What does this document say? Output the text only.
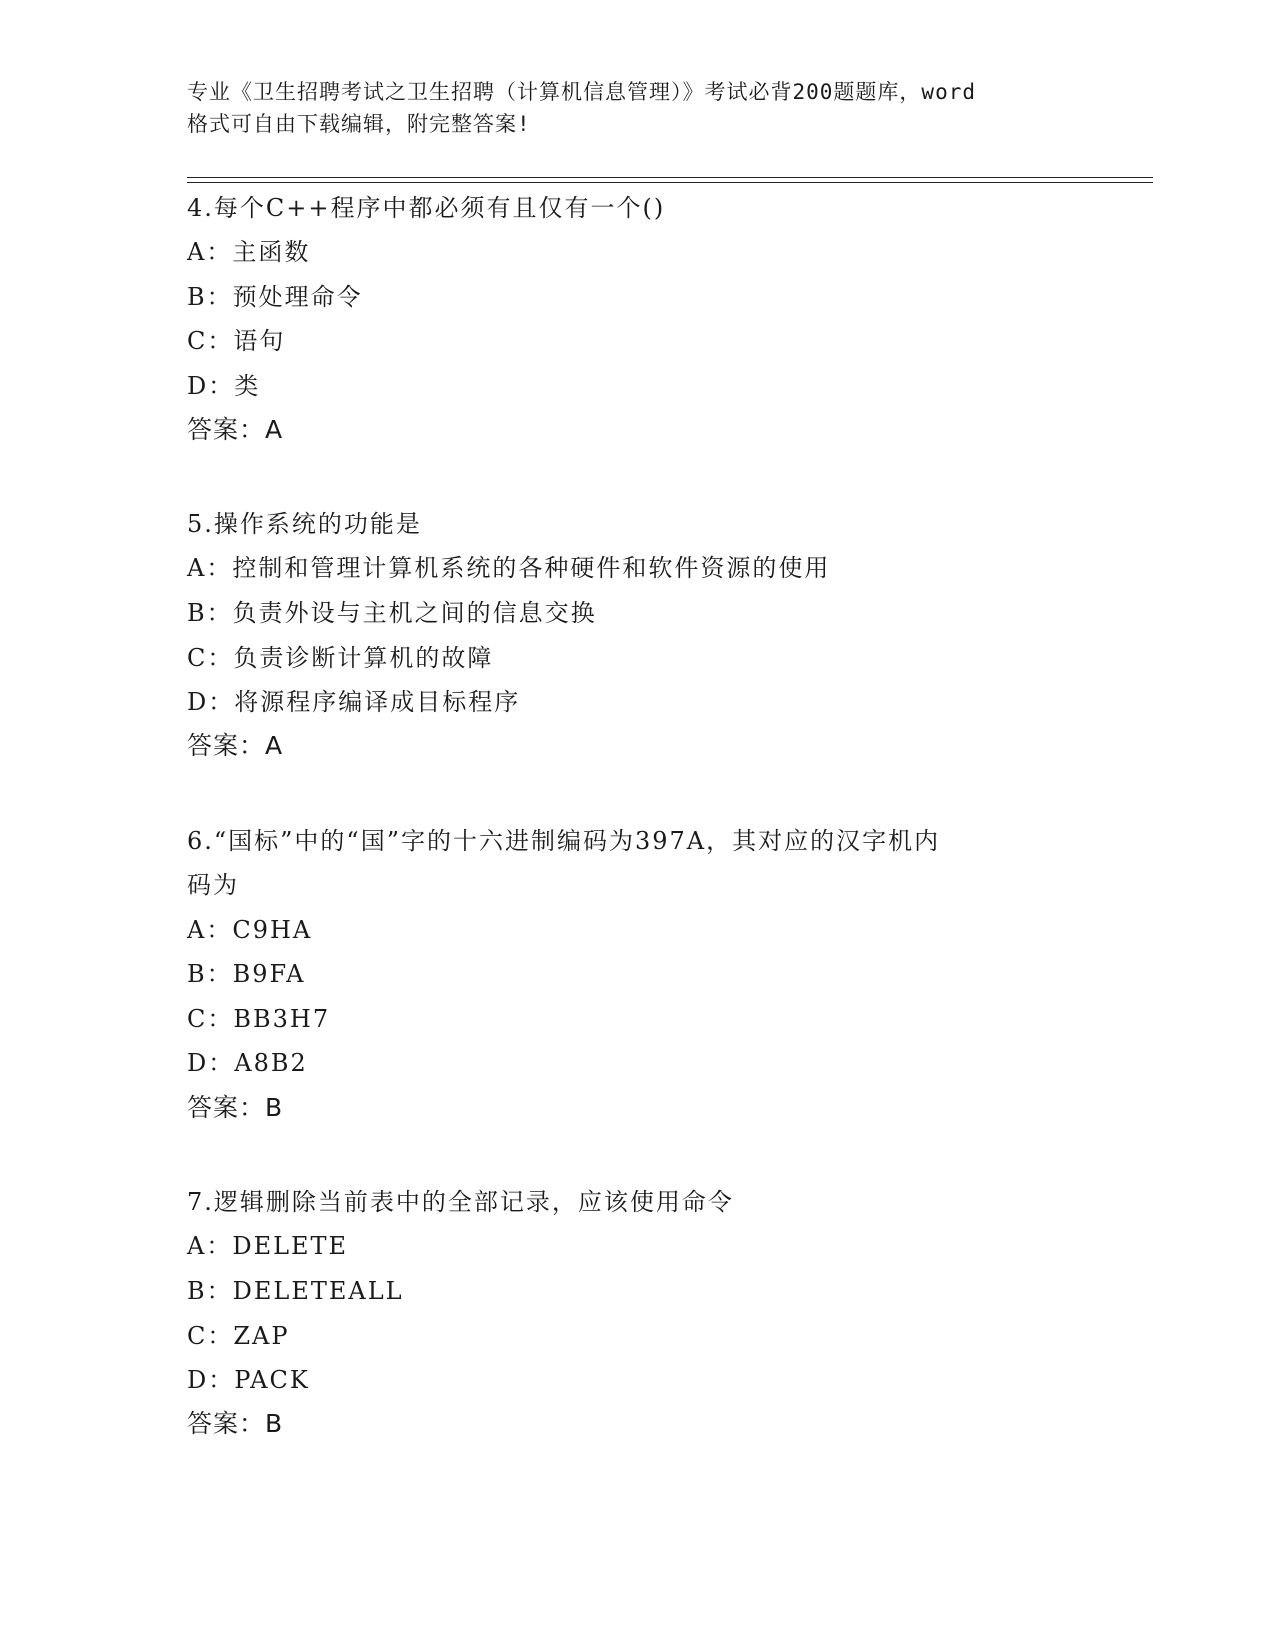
专业《卫生招聘考试之卫生招聘（计算机信息管理）》考试必背200题题库，word
格式可自由下载编辑，附完整答案!
4.每个C++程序中都必须有且仅有一个()
A：主函数
B：预处理命令
C：语句
D：类
答案：A
5.操作系统的功能是
A：控制和管理计算机系统的各种硬件和软件资源的使用
B：负责外设与主机之间的信息交换
C：负责诊断计算机的故障
D：将源程序编译成目标程序
答案：A
6.“国标”中的“国”字的十六进制编码为397A，其对应的汉字机内
码为
A：C9HA
B：B9FA
C：BB3H7
D：A8B2
答案：B
7.逻辑删除当前表中的全部记录，应该使用命令
A：DELETE
B：DELETEALL
C：ZAP
D：PACK
答案：B
